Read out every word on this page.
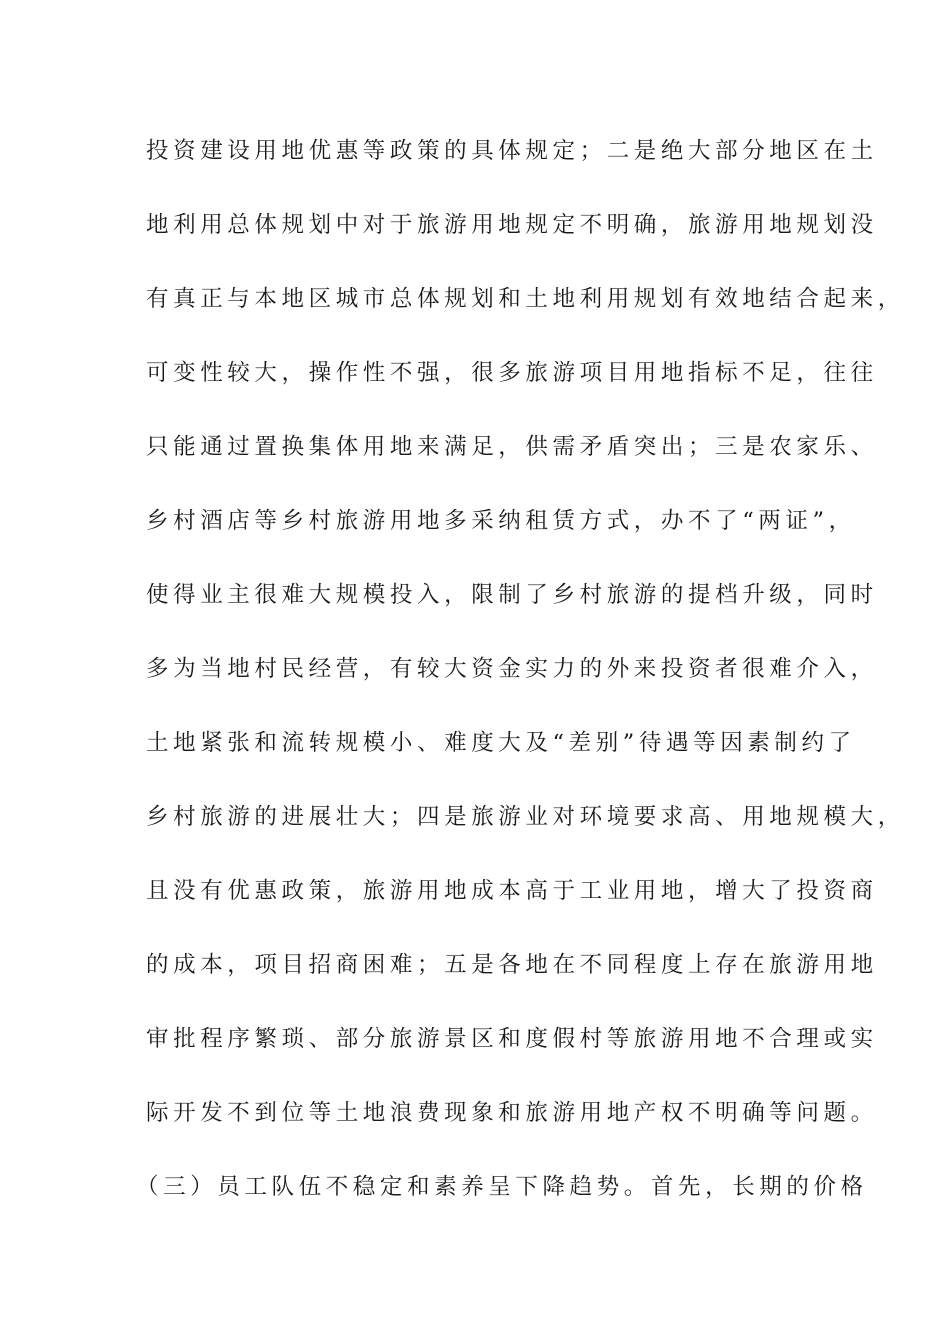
投资建设用地优惠等政策的具体规定；二是绝大部分地区在土
地利用总体规划中对于旅游用地规定不明确，旅游用地规划没
有真正与本地区城市总体规划和土地利用规划有效地结合起来，
可变性较大，操作性不强，很多旅游项目用地指标不足，往往
只能通过置换集体用地来满足，供需矛盾突出；三是农家乐、
乡村酒店等乡村旅游用地多采纳租赁方式，办不了“两证”，
使得业主很难大规模投入，限制了乡村旅游的提档升级，同时
多为当地村民经营，有较大资金实力的外来投资者很难介入，
土地紧张和流转规模小、难度大及“差别”待遇等因素制约了
乡村旅游的进展壮大；四是旅游业对环境要求高、用地规模大，
且没有优惠政策，旅游用地成本高于工业用地，增大了投资商
的成本，项目招商困难；五是各地在不同程度上存在旅游用地
审批程序繁琐、部分旅游景区和度假村等旅游用地不合理或实
际开发不到位等土地浪费现象和旅游用地产权不明确等问题。
（三）员工队伍不稳定和素养呈下降趋势。首先，长期的价格
